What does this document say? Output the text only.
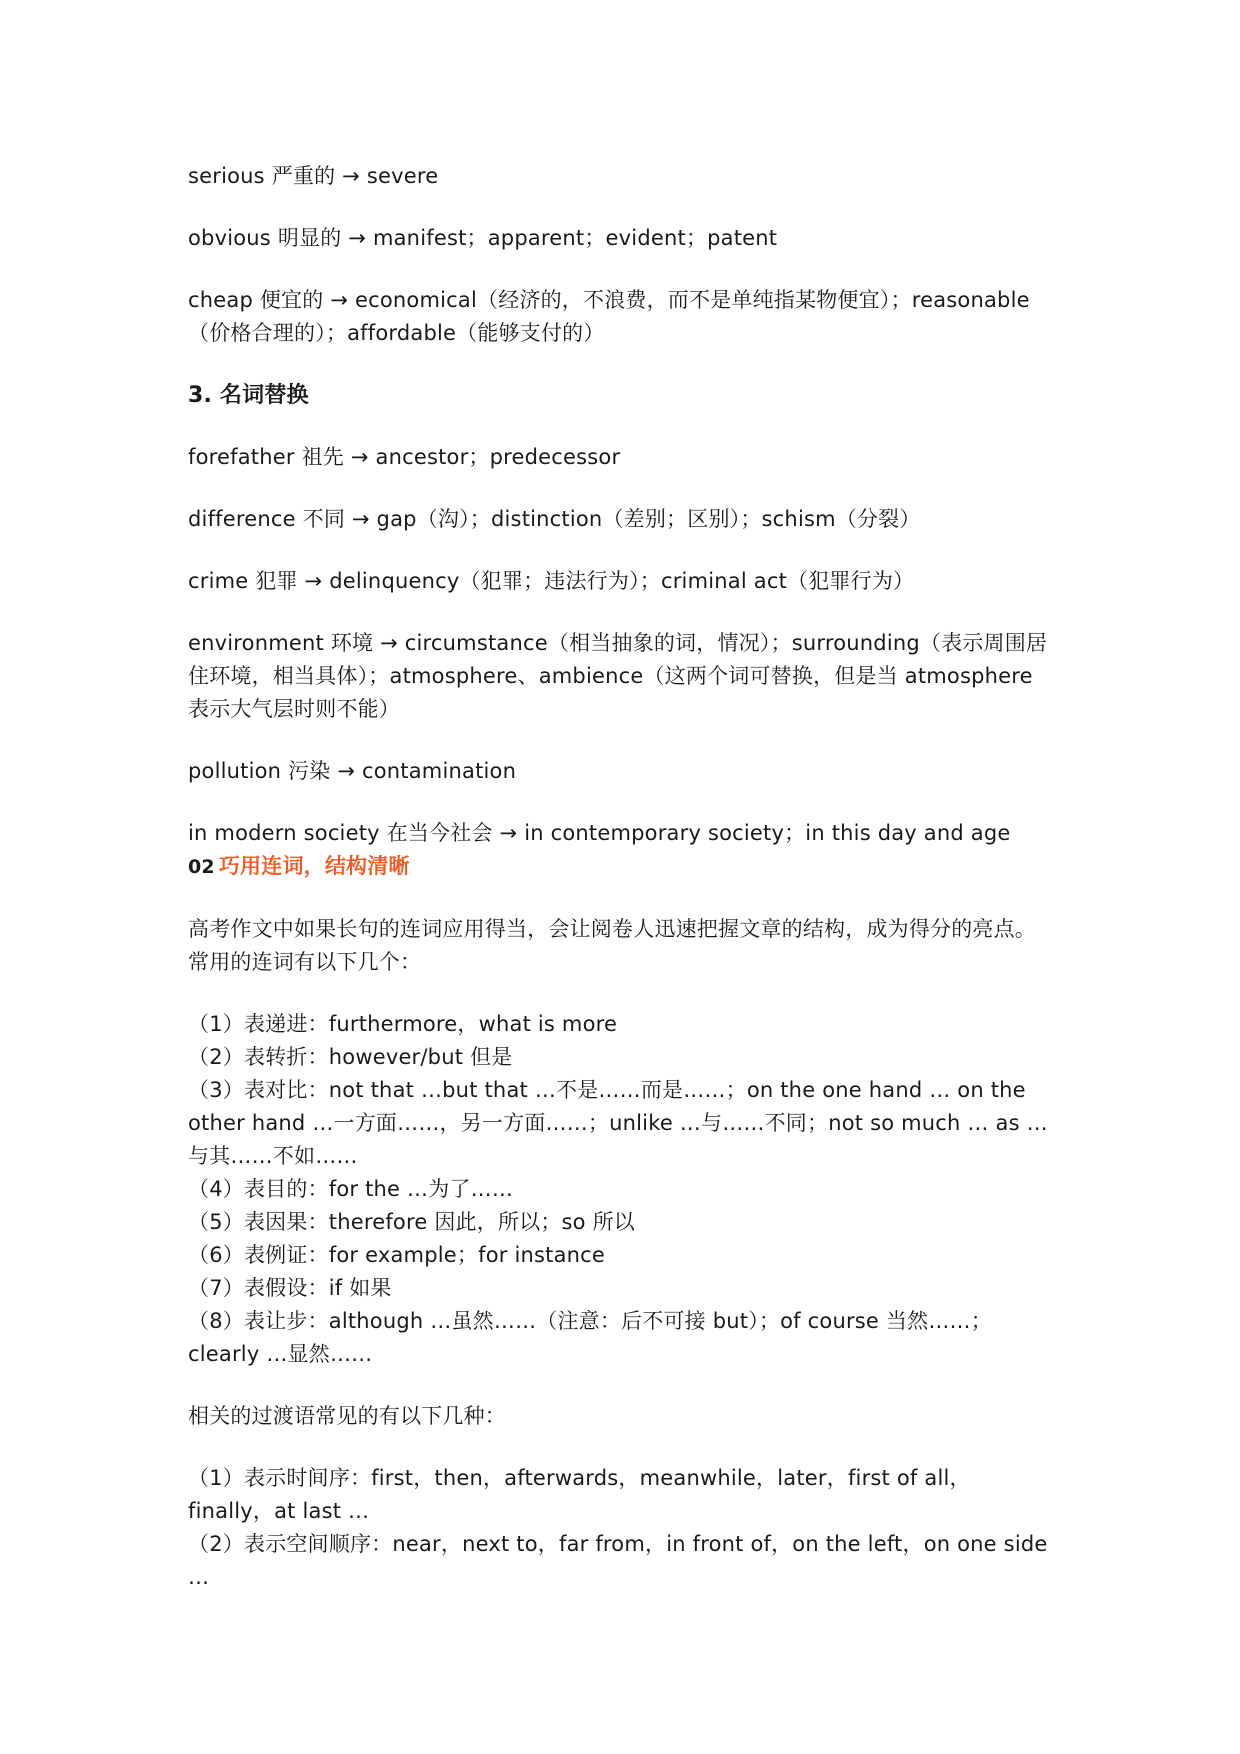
serious 严重的 → severe

obvious 明显的 → manifest；apparent；evident；patent

cheap 便宜的 → economical（经济的，不浪费，而不是单纯指某物便宜）；reasonable（价格合理的）；affordable（能够支付的）

3. 名词替换

forefather 祖先 → ancestor；predecessor

difference 不同 → gap（沟）；distinction（差别；区别）；schism（分裂）

crime 犯罪 → delinquency（犯罪；违法行为）；criminal act（犯罪行为）

environment 环境 → circumstance（相当抽象的词，情况）；surrounding（表示周围居住环境，相当具体）；atmosphere、ambience（这两个词可替换，但是当 atmosphere 表示大气层时则不能）

pollution 污染 → contamination

in modern society 在当今社会 → in contemporary society；in this day and age

02 巧用连词，结构清晰

高考作文中如果长句的连词应用得当，会让阅卷人迅速把握文章的结构，成为得分的亮点。常用的连词有以下几个：

（1）表递进：furthermore，what is more

（2）表转折：however/but 但是

（3）表对比：not that …but that …不是……而是……；on the one hand … on the other hand …一方面……，另一方面……；unlike …与……不同；not so much … as …与其……不如……

（4）表目的：for the …为了……

（5）表因果：therefore 因此，所以；so 所以

（6）表例证：for example；for instance

（7）表假设：if 如果

（8）表让步：although …虽然……（注意：后不可接 but）；of course 当然……；clearly …显然……

相关的过渡语常见的有以下几种：

（1）表示时间序：first，then，afterwards，meanwhile，later，first of all，finally，at last …

（2）表示空间顺序：near，next to，far from，in front of，on the left，on one side …
